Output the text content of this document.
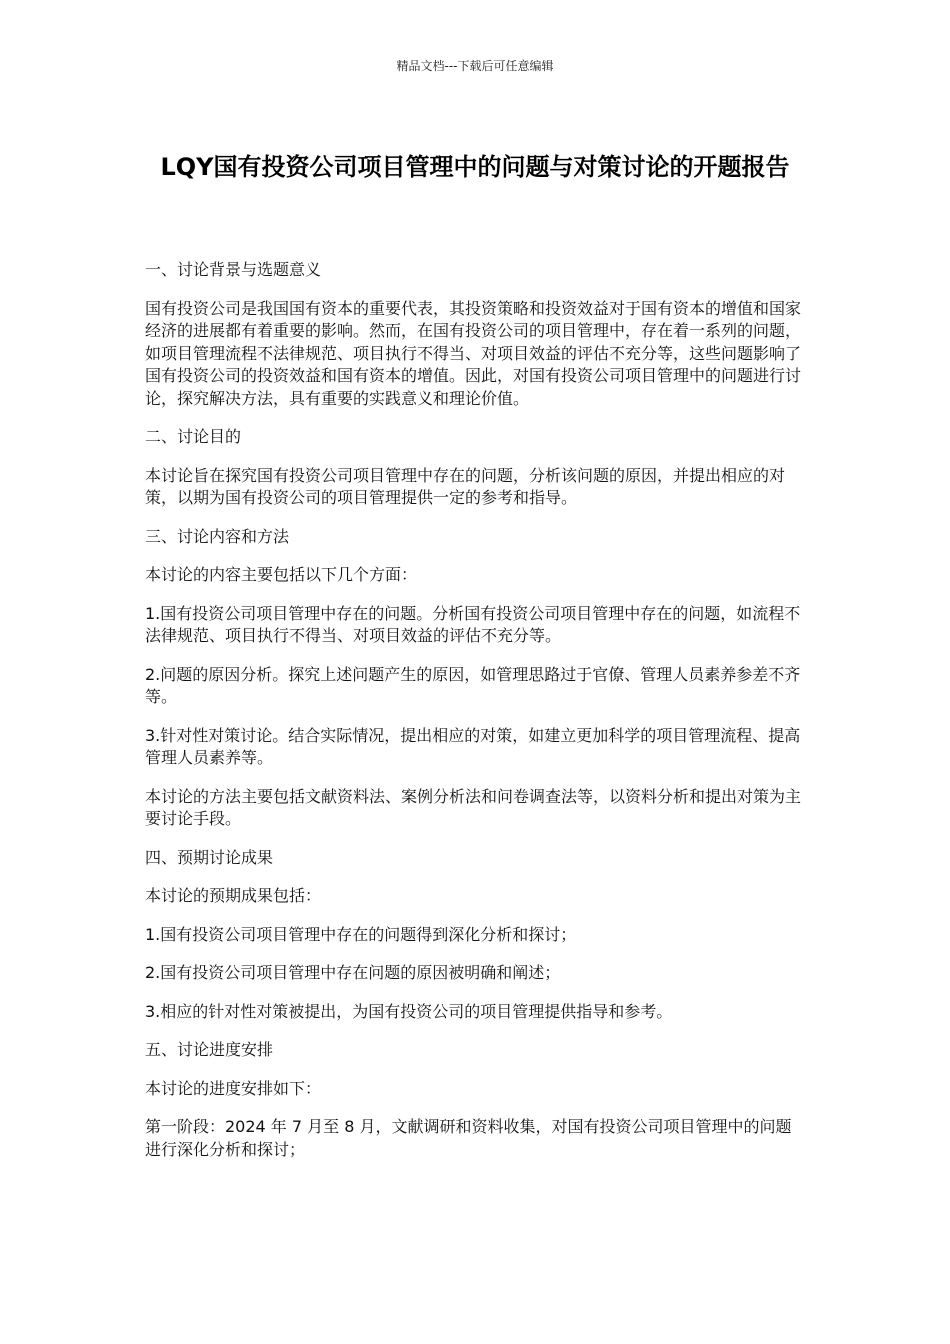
精品文档---下载后可任意编辑
LQY国有投资公司项目管理中的问题与对策讨论的开题报告

一、讨论背景与选题意义

国有投资公司是我国国有资本的重要代表，其投资策略和投资效益对于国有资本的增值和国家经济的进展都有着重要的影响。然而，在国有投资公司的项目管理中，存在着一系列的问题，如项目管理流程不法律规范、项目执行不得当、对项目效益的评估不充分等，这些问题影响了国有投资公司的投资效益和国有资本的增值。因此，对国有投资公司项目管理中的问题进行讨论，探究解决方法，具有重要的实践意义和理论价值。

二、讨论目的

本讨论旨在探究国有投资公司项目管理中存在的问题，分析该问题的原因，并提出相应的对策，以期为国有投资公司的项目管理提供一定的参考和指导。

三、讨论内容和方法

本讨论的内容主要包括以下几个方面：

1.国有投资公司项目管理中存在的问题。分析国有投资公司项目管理中存在的问题，如流程不法律规范、项目执行不得当、对项目效益的评估不充分等。

2.问题的原因分析。探究上述问题产生的原因，如管理思路过于官僚、管理人员素养参差不齐等。

3.针对性对策讨论。结合实际情况，提出相应的对策，如建立更加科学的项目管理流程、提高管理人员素养等。

本讨论的方法主要包括文献资料法、案例分析法和问卷调查法等，以资料分析和提出对策为主要讨论手段。

四、预期讨论成果

本讨论的预期成果包括：

1.国有投资公司项目管理中存在的问题得到深化分析和探讨；

2.国有投资公司项目管理中存在问题的原因被明确和阐述；

3.相应的针对性对策被提出，为国有投资公司的项目管理提供指导和参考。

五、讨论进度安排

本讨论的进度安排如下：

第一阶段：2024 年 7 月至 8 月，文献调研和资料收集，对国有投资公司项目管理中的问题进行深化分析和探讨；
